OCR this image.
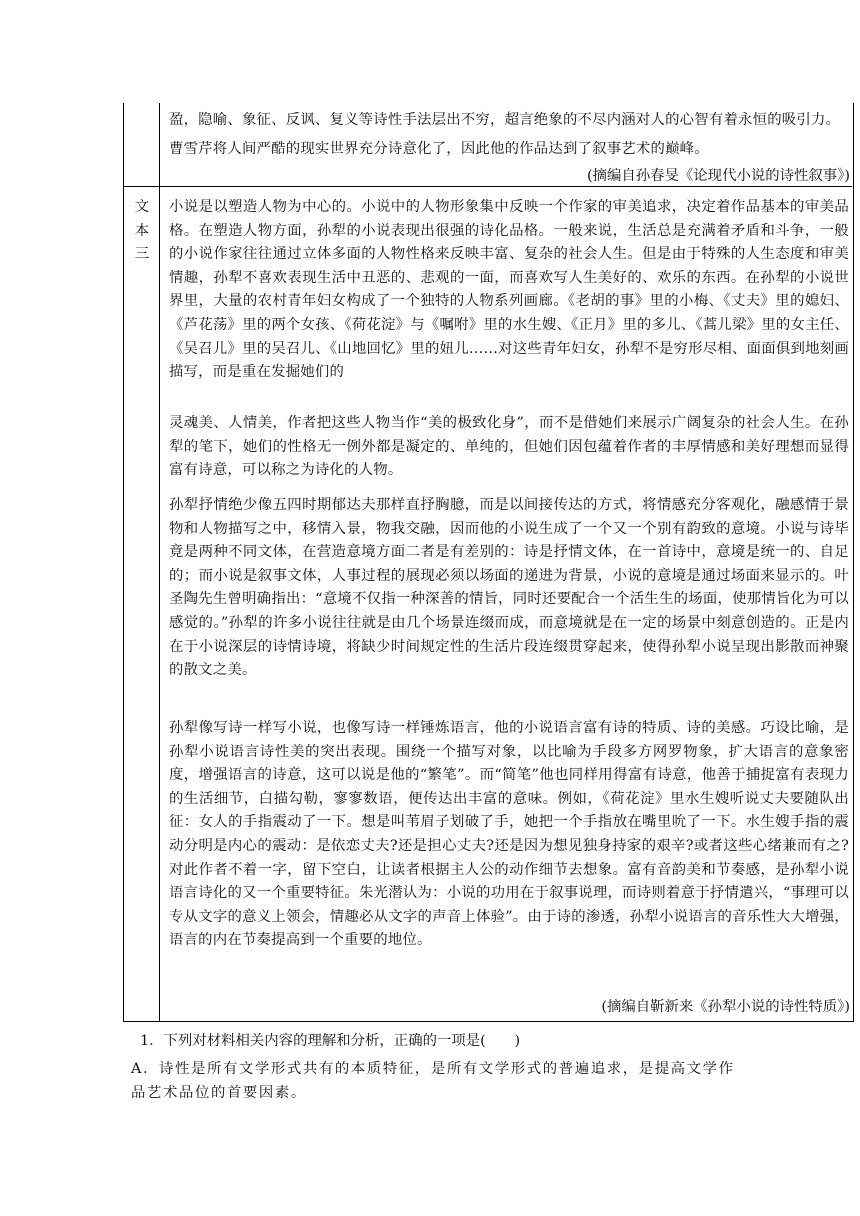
盈，隐喻、象征、反讽、复义等诗性手法层出不穷，超言绝象的不尽内涵对人的心智有着永恒的吸引力。
曹雪芹将人间严酷的现实世界充分诗意化了，因此他的作品达到了叙事艺术的巅峰。
(摘编自孙春旻《论现代小说的诗性叙事》)
文
本
三
小说是以塑造人物为中心的。小说中的人物形象集中反映一个作家的审美追求，决定着作品基本的审美品格。在塑造人物方面，孙犁的小说表现出很强的诗化品格。一般来说，生活总是充满着矛盾和斗争，一般的小说作家往往通过立体多面的人物性格来反映丰富、复杂的社会人生。但是由于特殊的人生态度和审美情趣，孙犁不喜欢表现生活中丑恶的、悲观的一面，而喜欢写人生美好的、欢乐的东西。在孙犁的小说世界里，大量的农村青年妇女构成了一个独特的人物系列画廊。《老胡的事》里的小梅、《丈夫》里的媳妇、《芦花荡》里的两个女孩、《荷花淀》与《嘱咐》里的水生嫂、《正月》里的多儿、《蒿儿梁》里的女主任、《吴召儿》里的吴召儿、《山地回忆》里的妞儿……对这些青年妇女，孙犁不是穷形尽相、面面俱到地刻画描写，而是重在发掘她们的
灵魂美、人情美，作者把这些人物当作“美的极致化身”，而不是借她们来展示广阔复杂的社会人生。在孙犁的笔下，她们的性格无一例外都是凝定的、单纯的，但她们因包蕴着作者的丰厚情感和美好理想而显得富有诗意，可以称之为诗化的人物。
孙犁抒情绝少像五四时期郁达夫那样直抒胸臆，而是以间接传达的方式，将情感充分客观化，融感情于景物和人物描写之中，移情入景，物我交融，因而他的小说生成了一个又一个别有韵致的意境。小说与诗毕竟是两种不同文体，在营造意境方面二者是有差别的：诗是抒情文体，在一首诗中，意境是统一的、自足的；而小说是叙事文体，人事过程的展现必须以场面的递进为背景，小说的意境是通过场面来显示的。叶圣陶先生曾明确指出：“意境不仅指一种深善的情旨，同时还要配合一个活生生的场面，使那情旨化为可以感觉的。”孙犁的许多小说往往就是由几个场景连缀而成，而意境就是在一定的场景中刻意创造的。正是内在于小说深层的诗情诗境，将缺少时间规定性的生活片段连缀贯穿起来，使得孙犁小说呈现出影散而神聚的散文之美。
孙犁像写诗一样写小说，也像写诗一样锤炼语言，他的小说语言富有诗的特质、诗的美感。巧设比喻，是孙犁小说语言诗性美的突出表现。围绕一个描写对象，以比喻为手段多方网罗物象，扩大语言的意象密度，增强语言的诗意，这可以说是他的“繁笔”。而“简笔”他也同样用得富有诗意，他善于捕捉富有表现力的生活细节，白描勾勒，寥寥数语，便传达出丰富的意味。例如，《荷花淀》里水生嫂听说丈夫要随队出征：女人的手指震动了一下。想是叫苇眉子划破了手，她把一个手指放在嘴里吮了一下。水生嫂手指的震动分明是内心的震动：是依恋丈夫?还是担心丈夫?还是因为想见独身持家的艰辛?或者这些心绪兼而有之?对此作者不着一字，留下空白，让读者根据主人公的动作细节去想象。富有音韵美和节奏感，是孙犁小说语言诗化的又一个重要特征。朱光潜认为：小说的功用在于叙事说理，而诗则着意于抒情遣兴，“事理可以专从文字的意义上领会，情趣必从文字的声音上体验”。由于诗的渗透，孙犁小说语言的音乐性大大增强，语言的内在节奏提高到一个重要的地位。
(摘编自靳新来《孙犁小说的诗性特质》)
1．下列对材料相关内容的理解和分析，正确的一项是(　　)
A．诗性是所有文学形式共有的本质特征，是所有文学形式的普遍追求，是提高文学作品艺术品位的首要因素。
